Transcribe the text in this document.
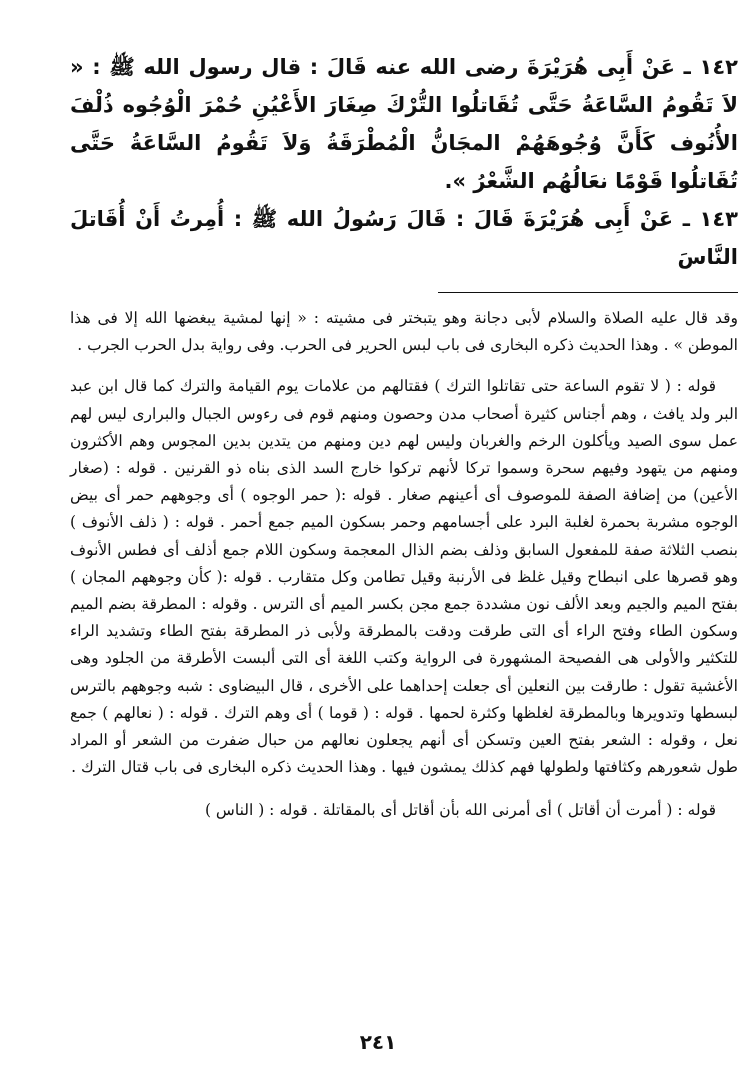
١٤٢ ـ عَنْ أَبِى هُرَيْرَةَ رضى الله عنه قَالَ : قال رسول الله ﷺ : « لاَ تَقُومُ السَّاعَةُ حَتَّى تُقَاتلُوا التُّرْكَ صِغَارَ الأَعْيُنِ حُمْرَ الْوُجُوه ذُلْفَ الأُنُوف كَأَنَّ وُجُوهَهُمْ المجَانُّ الْمُطْرَقَةُ وَلاَ تَقُومُ السَّاعَةُ حَتَّى تُقَاتلُوا قَوْمًا نعَالُهُم الشَّعْرُ ».

١٤٣ ـ عَنْ أَبِى هُرَيْرَةَ قَالَ : قَالَ رَسُولُ الله ﷺ : أُمِرتُ أَنْ أُقَاتلَ النَّاسَ

وقد قال عليه الصلاة والسلام لأبى دجانة وهو يتبختر فى مشيته : « إنها لمشية يبغضها الله إلا فى هذا الموطن » . وهذا الحديث ذكره البخارى فى باب لبس الحرير فى الحرب. وفى رواية بدل الحرب الجرب .

قوله : ( لا تقوم الساعة حتى تقاتلوا الترك ) فقتالهم من علامات يوم القيامة والترك كما قال ابن عبد البر ولد يافث ، وهم أجناس كثيرة أصحاب مدن وحصون ومنهم قوم فى رءوس الجبال والبرارى ليس لهم عمل سوى الصيد ويأكلون الرخم والغربان وليس لهم دين ومنهم من يتدين بدين المجوس وهم الأكثرون ومنهم من يتهود وفيهم سحرة وسموا تركا لأنهم تركوا خارج السد الذى بناه ذو القرنين . قوله : (صغار الأعين) من إضافة الصفة للموصوف أى أعينهم صغار . قوله :( حمر الوجوه ) أى وجوههم حمر أى بيض الوجوه مشربة بحمرة لغلبة البرد على أجسامهم وحمر بسكون الميم جمع أحمر . قوله : ( ذلف الأنوف ) بنصب الثلاثة صفة للمفعول السابق وذلف بضم الذال المعجمة وسكون اللام جمع أذلف أى فطس الأنوف وهو قصرها على انبطاح وقيل غلظ فى الأرنبة وقيل تطامن وكل متقارب . قوله :( كأن وجوههم المجان ) بفتح الميم والجيم وبعد الألف نون مشددة جمع مجن بكسر الميم أى الترس . وقوله : المطرقة بضم الميم وسكون الطاء وفتح الراء أى التى طرقت ودقت بالمطرقة ولأبى ذر المطرقة بفتح الطاء وتشديد الراء للتكثير والأولى هى الفصيحة المشهورة فى الرواية وكتب اللغة أى التى ألبست الأطرقة من الجلود وهى الأغشية تقول : طارقت بين النعلين أى جعلت إحداهما على الأخرى ، قال البيضاوى : شبه وجوههم بالترس لبسطها وتدويرها وبالمطرقة لغلظها وكثرة لحمها . قوله : ( قوما ) أى وهم الترك . قوله : ( نعالهم ) جمع نعل ، وقوله : الشعر بفتح العين وتسكن أى أنهم يجعلون نعالهم من حبال ضفرت من الشعر أو المراد طول شعورهم وكثافتها ولطولها فهم كذلك يمشون فيها . وهذا الحديث ذكره البخارى فى باب قتال الترك .

قوله : ( أمرت أن أقاتل ) أى أمرنى الله بأن أقاتل أى بالمقاتلة . قوله : ( الناس )

٢٤١
